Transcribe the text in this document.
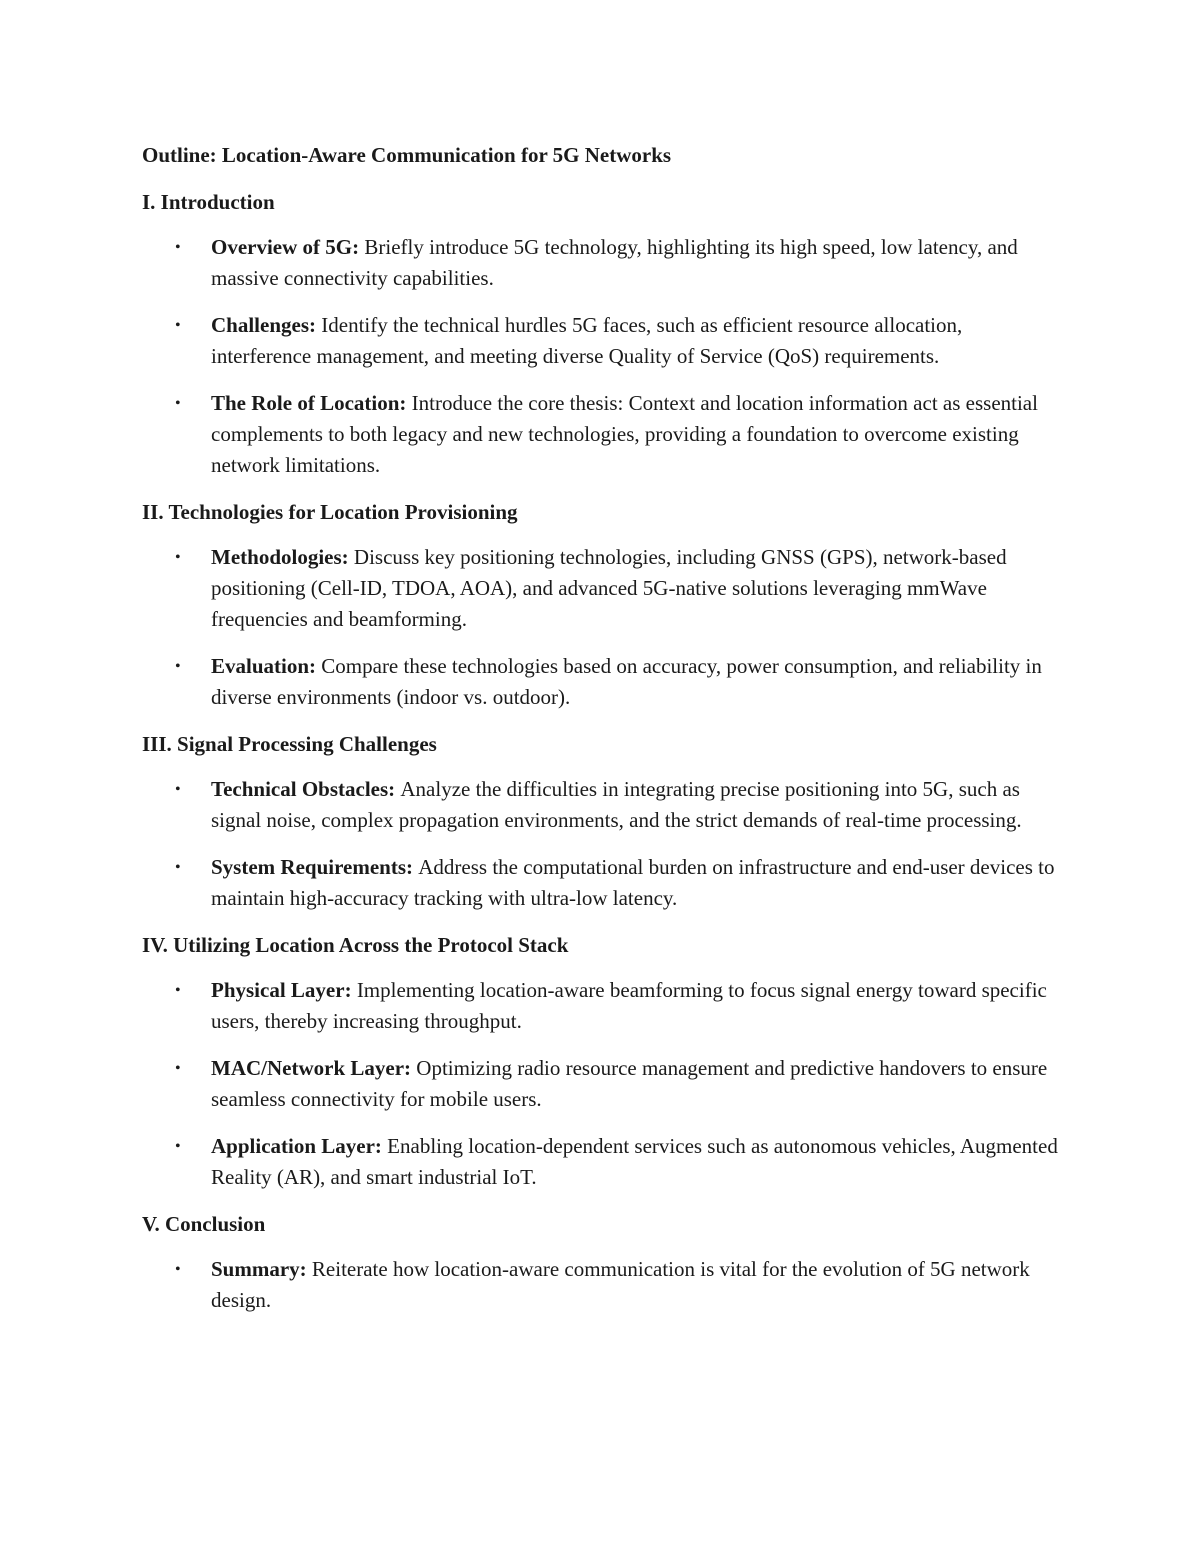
Outline: Location-Aware Communication for 5G Networks
I. Introduction
• Overview of 5G: Briefly introduce 5G technology, highlighting its high speed, low latency, and massive connectivity capabilities.
• Challenges: Identify the technical hurdles 5G faces, such as efficient resource allocation, interference management, and meeting diverse Quality of Service (QoS) requirements.
• The Role of Location: Introduce the core thesis: Context and location information act as essential complements to both legacy and new technologies, providing a foundation to overcome existing network limitations.
II. Technologies for Location Provisioning
• Methodologies: Discuss key positioning technologies, including GNSS (GPS), network-based positioning (Cell-ID, TDOA, AOA), and advanced 5G-native solutions leveraging mmWave frequencies and beamforming.
• Evaluation: Compare these technologies based on accuracy, power consumption, and reliability in diverse environments (indoor vs. outdoor).
III. Signal Processing Challenges
• Technical Obstacles: Analyze the difficulties in integrating precise positioning into 5G, such as signal noise, complex propagation environments, and the strict demands of real-time processing.
• System Requirements: Address the computational burden on infrastructure and end-user devices to maintain high-accuracy tracking with ultra-low latency.
IV. Utilizing Location Across the Protocol Stack
• Physical Layer: Implementing location-aware beamforming to focus signal energy toward specific users, thereby increasing throughput.
• MAC/Network Layer: Optimizing radio resource management and predictive handovers to ensure seamless connectivity for mobile users.
• Application Layer: Enabling location-dependent services such as autonomous vehicles, Augmented Reality (AR), and smart industrial IoT.
V. Conclusion
• Summary: Reiterate how location-aware communication is vital for the evolution of 5G network design.
